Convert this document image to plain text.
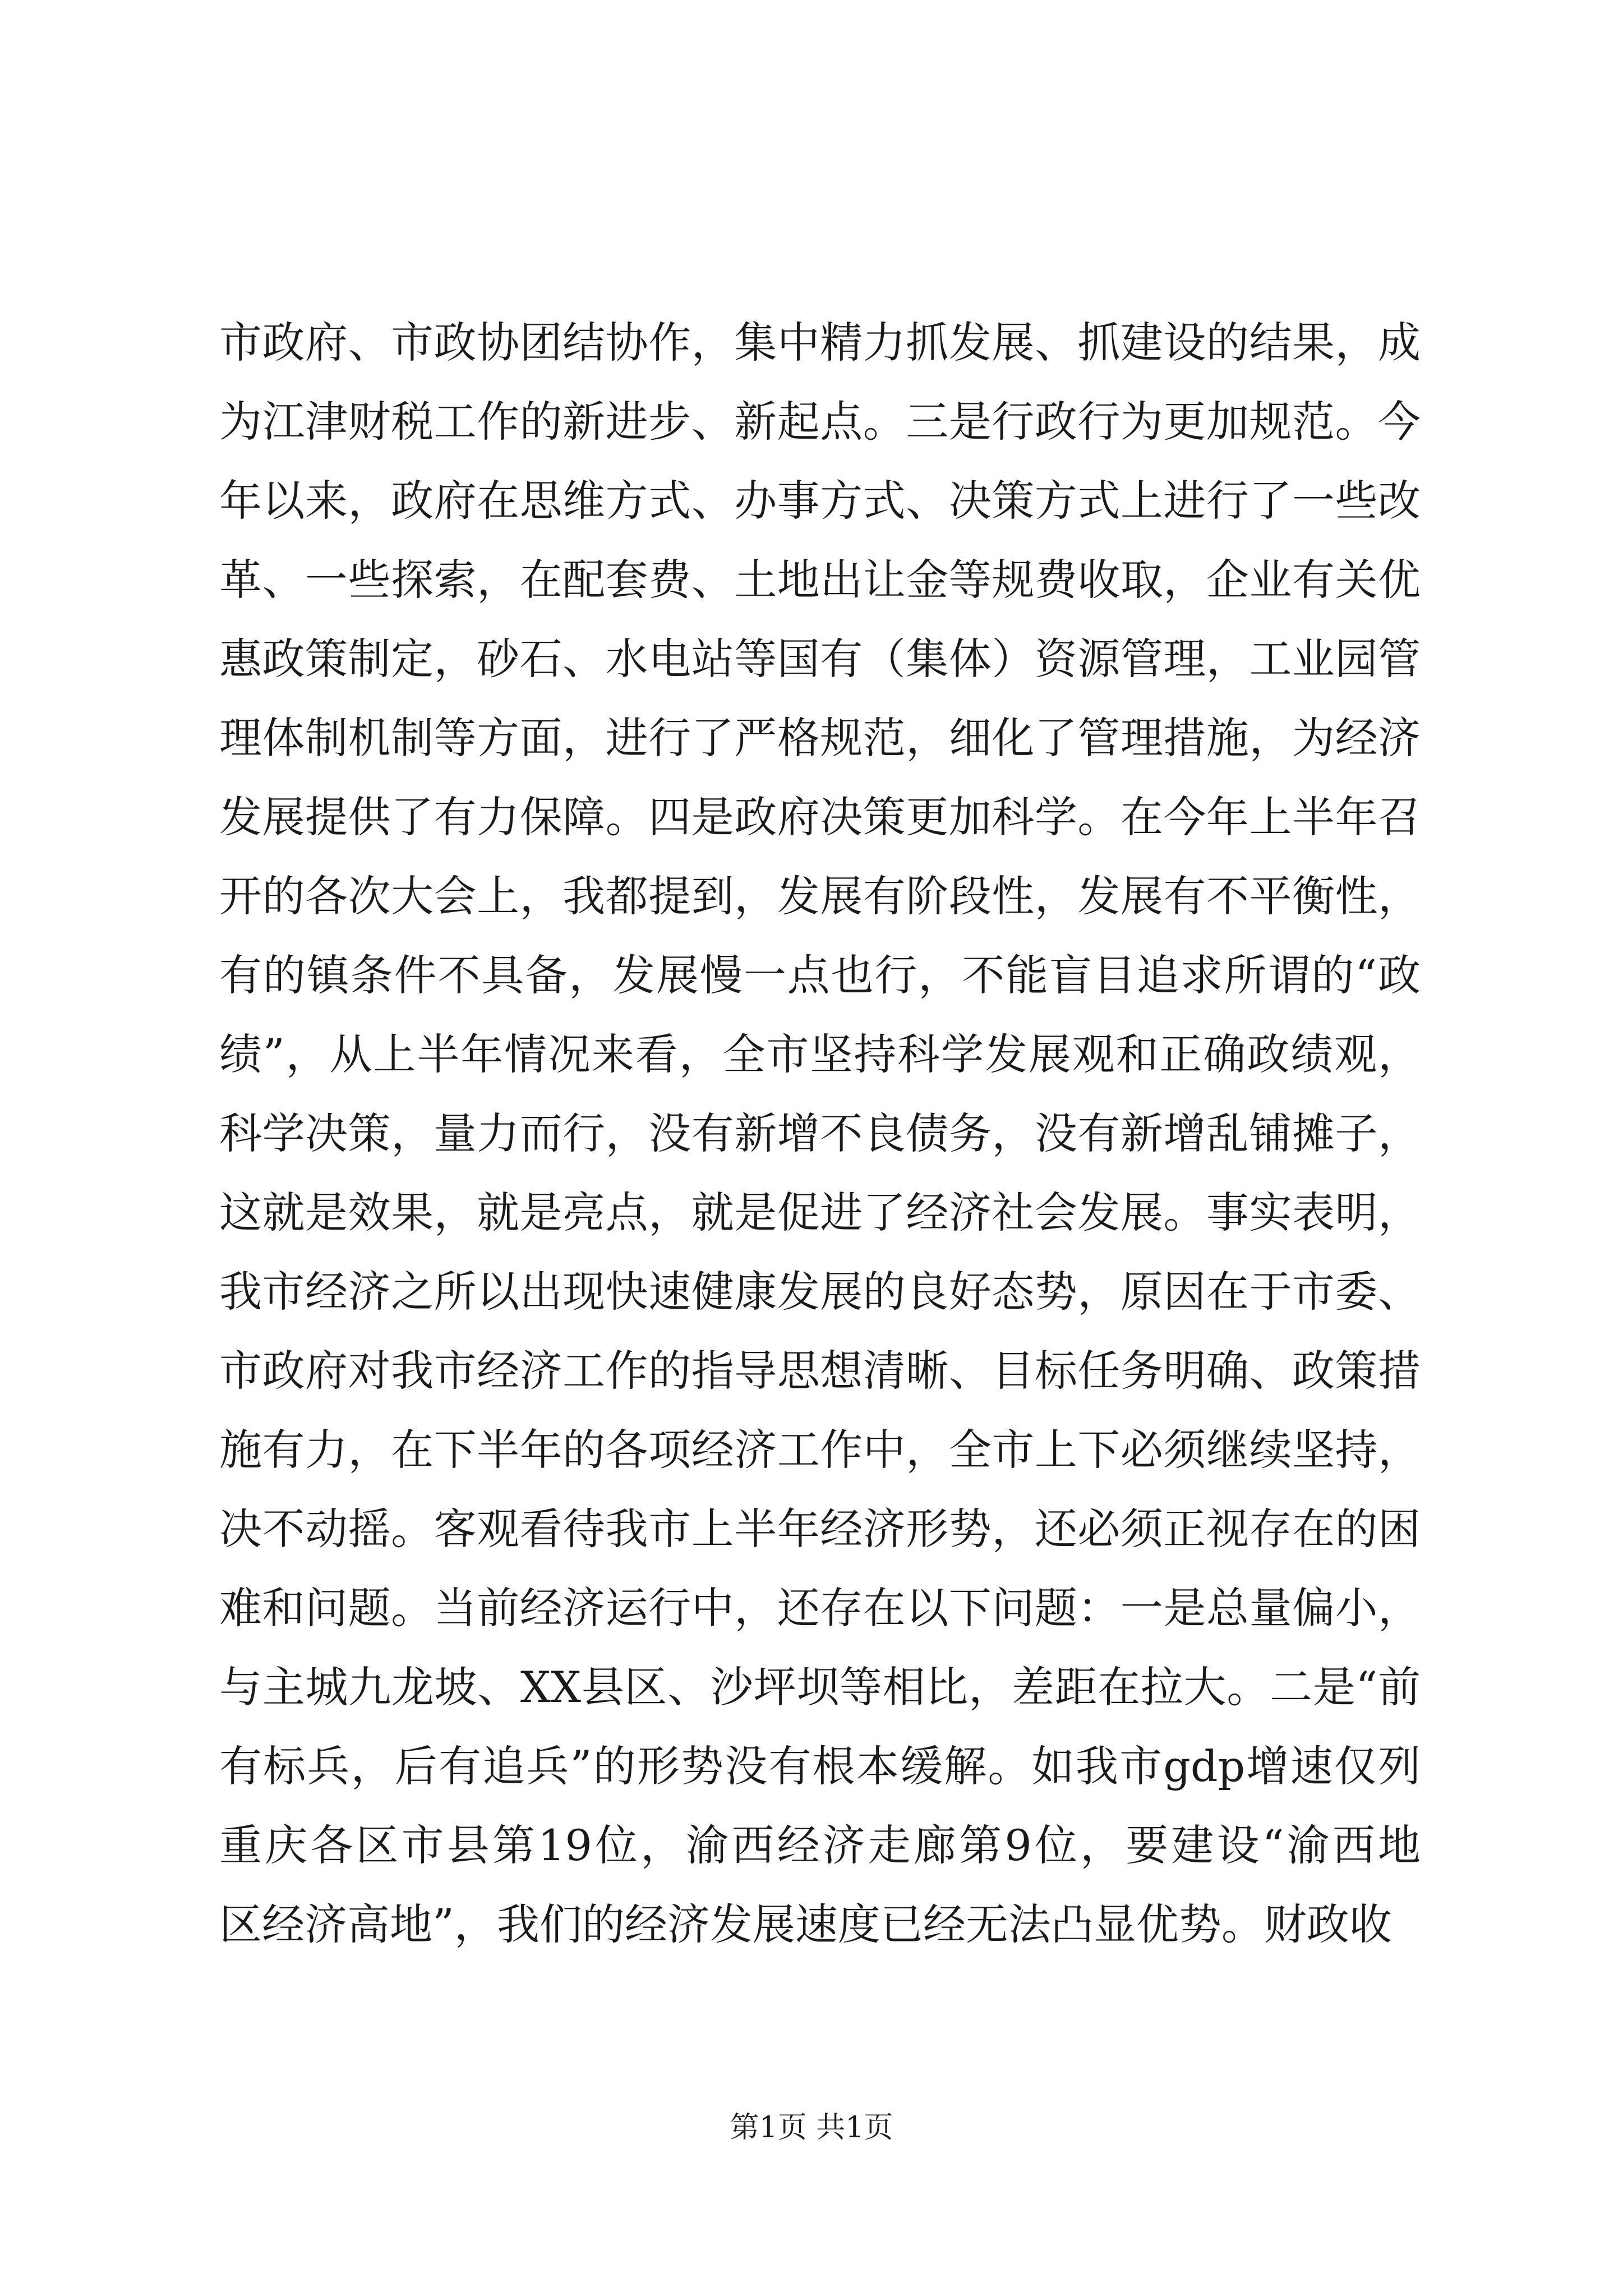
市政府、市政协团结协作，集中精力抓发展、抓建设的结果，成
为江津财税工作的新进步、新起点。三是行政行为更加规范。今
年以来，政府在思维方式、办事方式、决策方式上进行了一些改
革、一些探索，在配套费、土地出让金等规费收取，企业有关优
惠政策制定，砂石、水电站等国有（集体）资源管理，工业园管
理体制机制等方面，进行了严格规范，细化了管理措施，为经济
发展提供了有力保障。四是政府决策更加科学。在今年上半年召
开的各次大会上，我都提到，发展有阶段性，发展有不平衡性，
有的镇条件不具备，发展慢一点也行，不能盲目追求所谓的“政
绩”，从上半年情况来看，全市坚持科学发展观和正确政绩观，
科学决策，量力而行，没有新增不良债务，没有新增乱铺摊子，
这就是效果，就是亮点，就是促进了经济社会发展。事实表明，
我市经济之所以出现快速健康发展的良好态势，原因在于市委、
市政府对我市经济工作的指导思想清晰、目标任务明确、政策措
施有力，在下半年的各项经济工作中，全市上下必须继续坚持，
决不动摇。客观看待我市上半年经济形势，还必须正视存在的困
难和问题。当前经济运行中，还存在以下问题：一是总量偏小，
与主城九龙坡、XX县区、沙坪坝等相比，差距在拉大。二是“前
有标兵，后有追兵”的形势没有根本缓解。如我市gdp增速仅列
重庆各区市县第19位，渝西经济走廊第9位，要建设“渝西地
区经济高地”，我们的经济发展速度已经无法凸显优势。财政收
第1页 共1页
